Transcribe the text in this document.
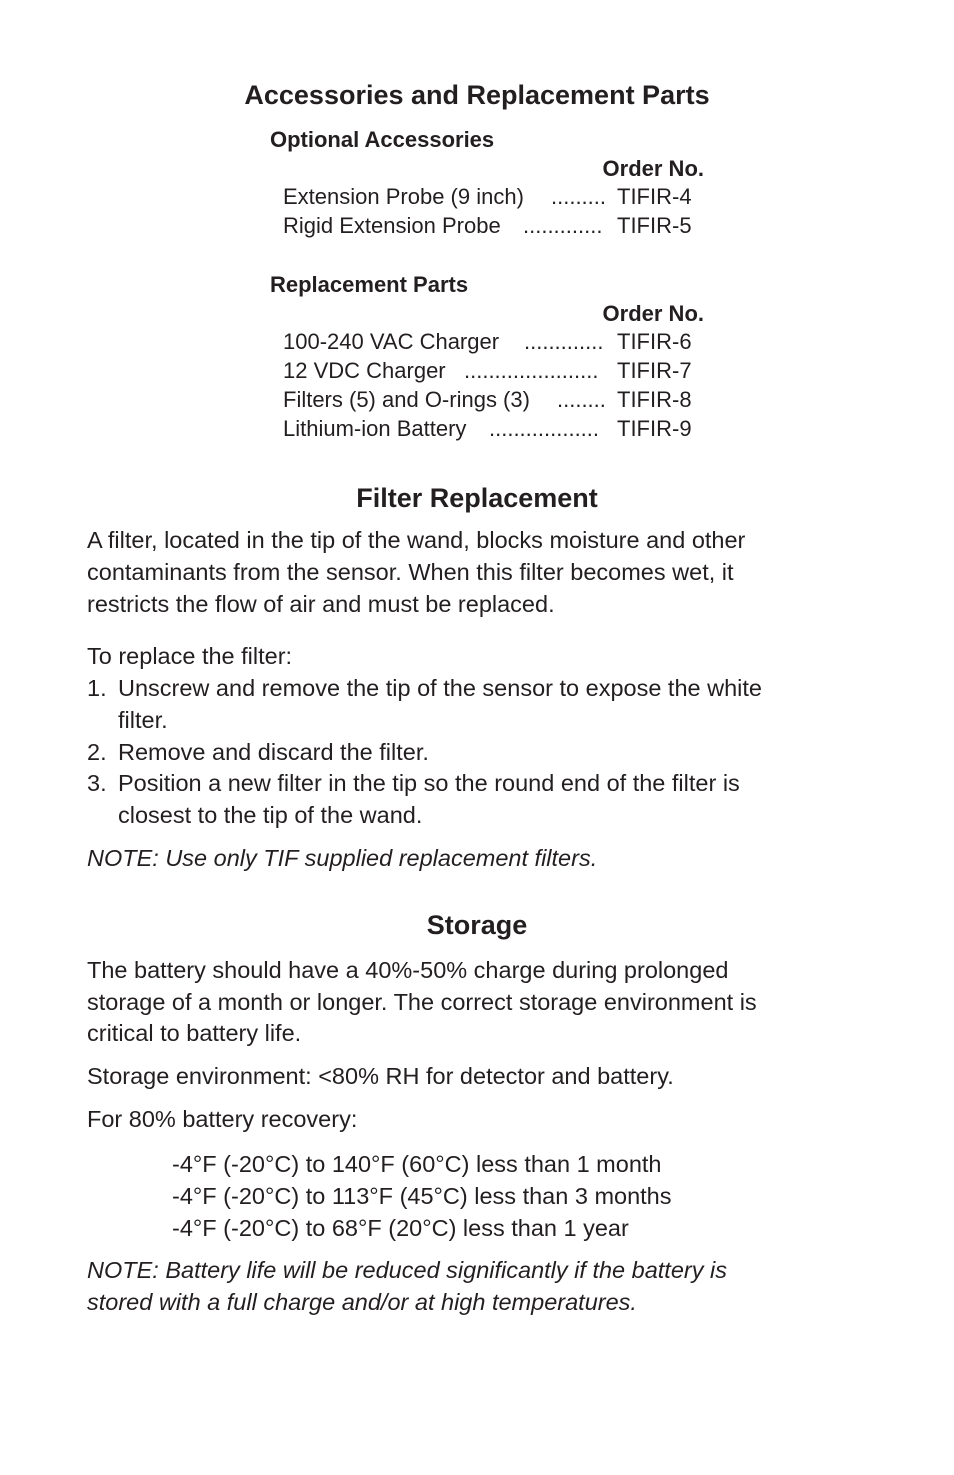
Accessories and Replacement Parts
Optional Accessories
Order No.
Extension Probe (9 inch) ......... TIFIR-4
Rigid Extension Probe ............. TIFIR-5
Replacement Parts
Order No.
100-240 VAC Charger ............. TIFIR-6
12 VDC Charger ...................... TIFIR-7
Filters (5) and O-rings (3) ........ TIFIR-8
Lithium-ion Battery .................. TIFIR-9
Filter Replacement
A filter, located in the tip of the wand, blocks moisture and other
contaminants from the sensor. When this filter becomes wet, it
restricts the flow of air and must be replaced.
To replace the filter:
1. Unscrew and remove the tip of the sensor to expose the white
filter.
2. Remove and discard the filter.
3. Position a new filter in the tip so the round end of the filter is
closest to the tip of the wand.
NOTE: Use only TIF supplied replacement filters.
Storage
The battery should have a 40%-50% charge during prolonged
storage of a month or longer. The correct storage environment is
critical to battery life.
Storage environment: <80% RH for detector and battery.
For 80% battery recovery:
-4°F (-20°C) to 140°F (60°C) less than 1 month
-4°F (-20°C) to 113°F (45°C) less than 3 months
-4°F (-20°C) to 68°F (20°C) less than 1 year
NOTE: Battery life will be reduced significantly if the battery is
stored with a full charge and/or at high temperatures.
